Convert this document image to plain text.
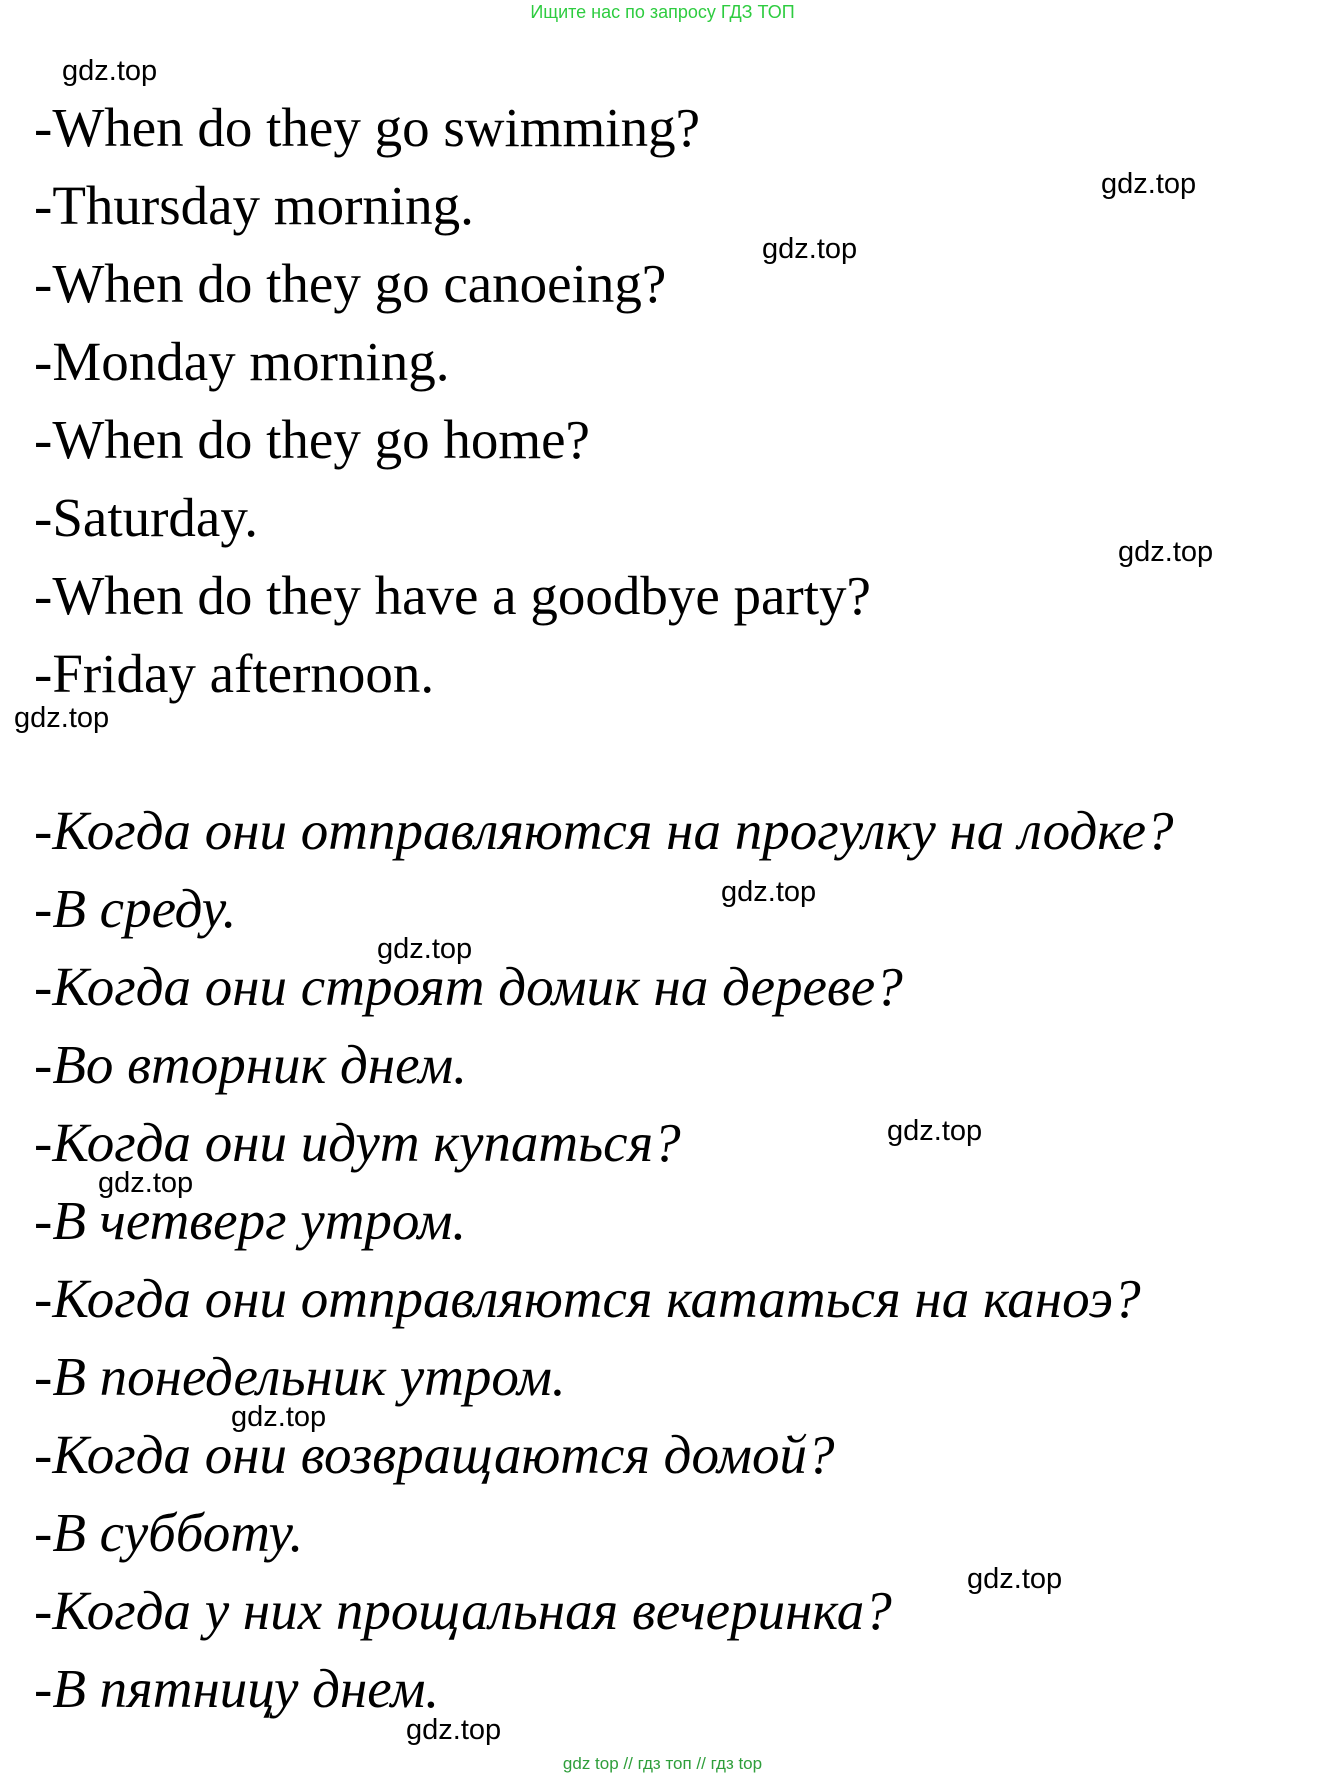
Ищите нас по запросу ГДЗ ТОП
-When do they go swimming?
-Thursday morning.
-When do they go canoeing?
-Monday morning.
-When do they go home?
-Saturday.
-When do they have a goodbye party?
-Friday afternoon.
-Когда они отправляются на прогулку на лодке?
-В среду.
-Когда они строят домик на дереве?
-Во вторник днем.
-Когда они идут купаться?
-В четверг утром.
-Когда они отправляются кататься на каноэ?
-В понедельник утром.
-Когда они возвращаются домой?
-В субботу.
-Когда у них прощальная вечеринка?
-В пятницу днем.
gdz.top
gdz.top
gdz.top
gdz.top
gdz.top
gdz.top
gdz.top
gdz.top
gdz.top
gdz.top
gdz.top
gdz.top
gdz top // гдз топ // гдз top
